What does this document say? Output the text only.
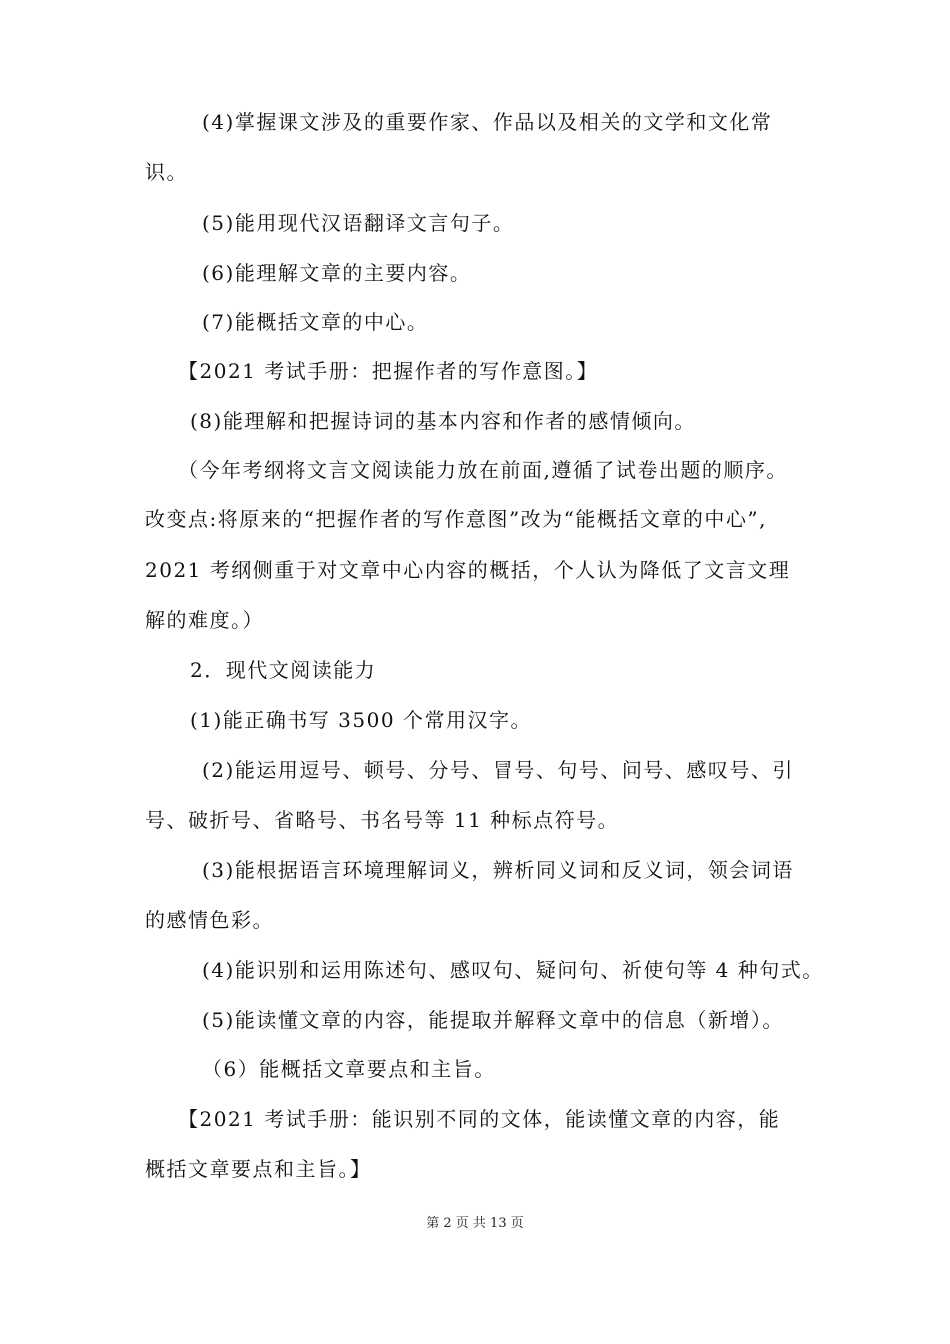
(4)掌握课文涉及的重要作家、作品以及相关的文学和文化常
识。
(5)能用现代汉语翻译文言句子。
(6)能理解文章的主要内容。
(7)能概括文章的中心。
【2021 考试手册：把握作者的写作意图。】
(8)能理解和把握诗词的基本内容和作者的感情倾向。
（今年考纲将文言文阅读能力放在前面,遵循了试卷出题的顺序。
改变点:将原来的“把握作者的写作意图”改为“能概括文章的中心”,
2021 考纲侧重于对文章中心内容的概括，个人认为降低了文言文理
解的难度。）
2．现代文阅读能力
(1)能正确书写 3500 个常用汉字。
(2)能运用逗号、顿号、分号、冒号、句号、问号、感叹号、引
号、破折号、省略号、书名号等 11 种标点符号。
(3)能根据语言环境理解词义，辨析同义词和反义词，领会词语
的感情色彩。
(4)能识别和运用陈述句、感叹句、疑问句、祈使句等 4 种句式。
(5)能读懂文章的内容，能提取并解释文章中的信息（新增）。
（6）能概括文章要点和主旨。
【2021 考试手册：能识别不同的文体，能读懂文章的内容，能
概括文章要点和主旨。】
第 2 页 共 13 页
